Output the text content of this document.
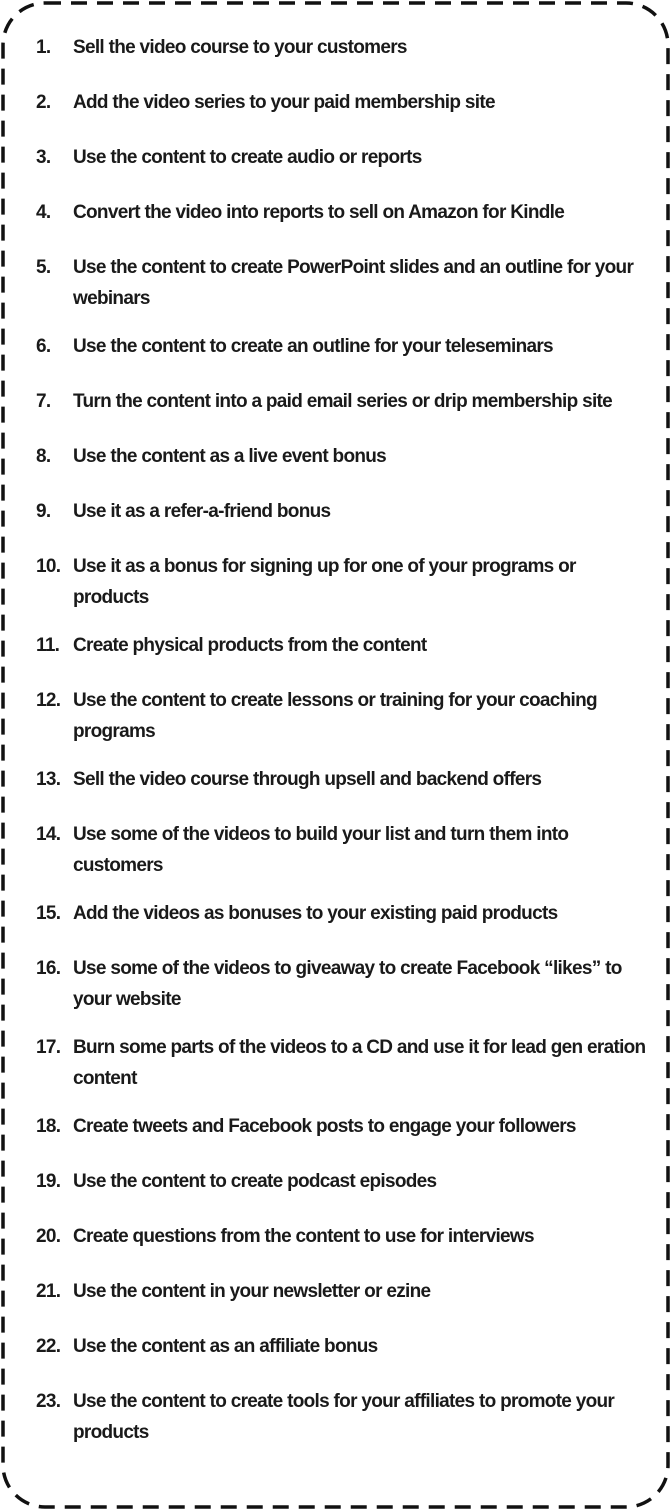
1.	Sell the video course to your customers
2.	Add the video series to your paid membership site
3.	Use the content to create audio or reports
4.	Convert the video into reports to sell on Amazon for Kindle
5.	Use the content to create PowerPoint slides and an outline for your webinars
6.	Use the content to create an outline for your teleseminars
7.	Turn the content into a paid email series or drip membership site
8.	Use the content as a live event bonus
9.	Use it as a refer-a-friend bonus
10. Use it as a bonus for signing up for one of your programs or products
11. Create physical products from the content
12. Use the content to create lessons or training for your coaching programs
13. Sell the video course through upsell and backend offers
14. Use some of the videos to build your list and turn them into customers
15. Add the videos as bonuses to your existing paid products
16. Use some of the videos to giveaway to create Facebook “likes” to your website
17. Burn some parts of the videos to a CD and use it for lead gen eration content
18. Create tweets and Facebook posts to engage your followers
19. Use the content to create podcast episodes
20. Create questions from the content to use for interviews
21. Use the content in your newsletter or ezine
22. Use the content as an affiliate bonus
23. Use the content to create tools for your affiliates to promote your products
